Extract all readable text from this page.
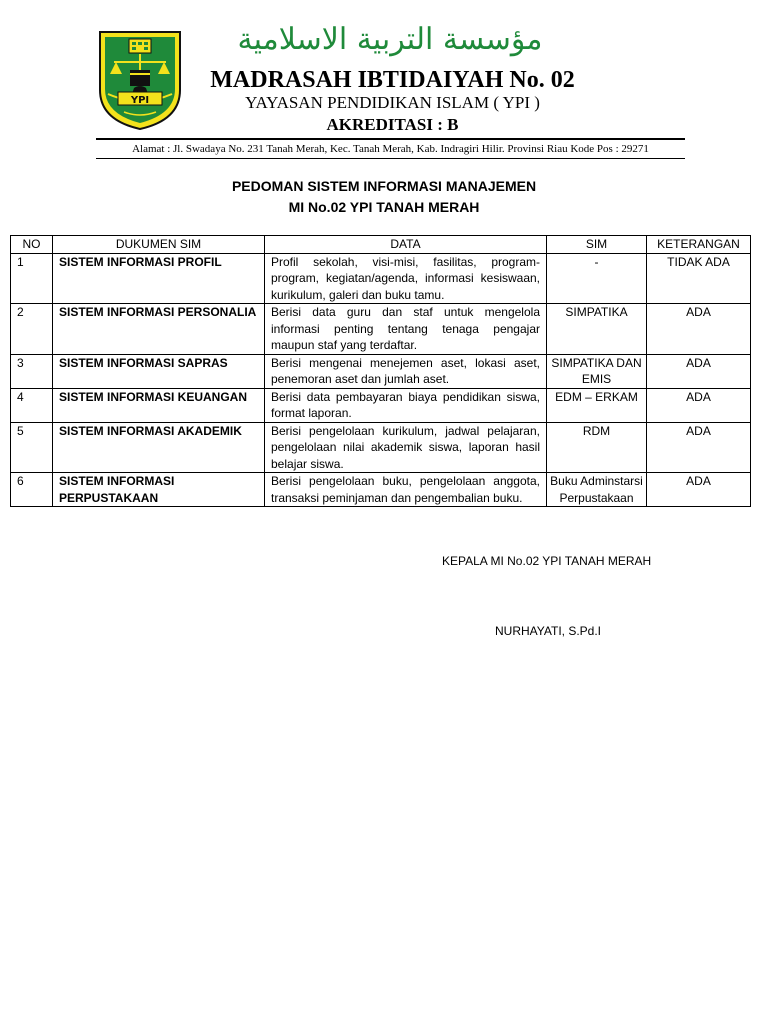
YPI
مؤسسة التربية الاسلامية
MADRASAH IBTIDAIYAH No. 02
YAYASAN PENDIDIKAN ISLAM ( YPI )
AKREDITASI : B
Alamat : Jl. Swadaya No. 231 Tanah Merah, Kec. Tanah Merah, Kab. Indragiri Hilir. Provinsi Riau Kode Pos : 29271
PEDOMAN SISTEM INFORMASI MANAJEMEN
MI No.02 YPI TANAH MERAH
NO	DUKUMEN SIM	DATA	SIM	KETERANGAN
1	SISTEM INFORMASI PROFIL	Profil sekolah, visi-misi, fasilitas, program-program, kegiatan/agenda, informasi kesiswaan, kurikulum, galeri dan buku tamu.	-	TIDAK ADA
2	SISTEM INFORMASI PERSONALIA	Berisi data guru dan staf untuk mengelola informasi penting tentang tenaga pengajar maupun staf yang terdaftar.	SIMPATIKA	ADA
3	SISTEM INFORMASI SAPRAS	Berisi mengenai menejemen aset, lokasi aset, penemoran aset dan jumlah aset.	SIMPATIKA DAN EMIS	ADA
4	SISTEM INFORMASI KEUANGAN	Berisi data pembayaran biaya pendidikan siswa, format laporan.	EDM – ERKAM	ADA
5	SISTEM INFORMASI AKADEMIK	Berisi pengelolaan kurikulum, jadwal pelajaran, pengelolaan nilai akademik siswa, laporan hasil belajar siswa.	RDM	ADA
6	SISTEM INFORMASI PERPUSTAKAAN	Berisi pengelolaan buku, pengelolaan anggota, transaksi peminjaman dan pengembalian buku.	Buku Adminstarsi Perpustakaan	ADA
KEPALA MI No.02 YPI TANAH MERAH
NURHAYATI, S.Pd.I
